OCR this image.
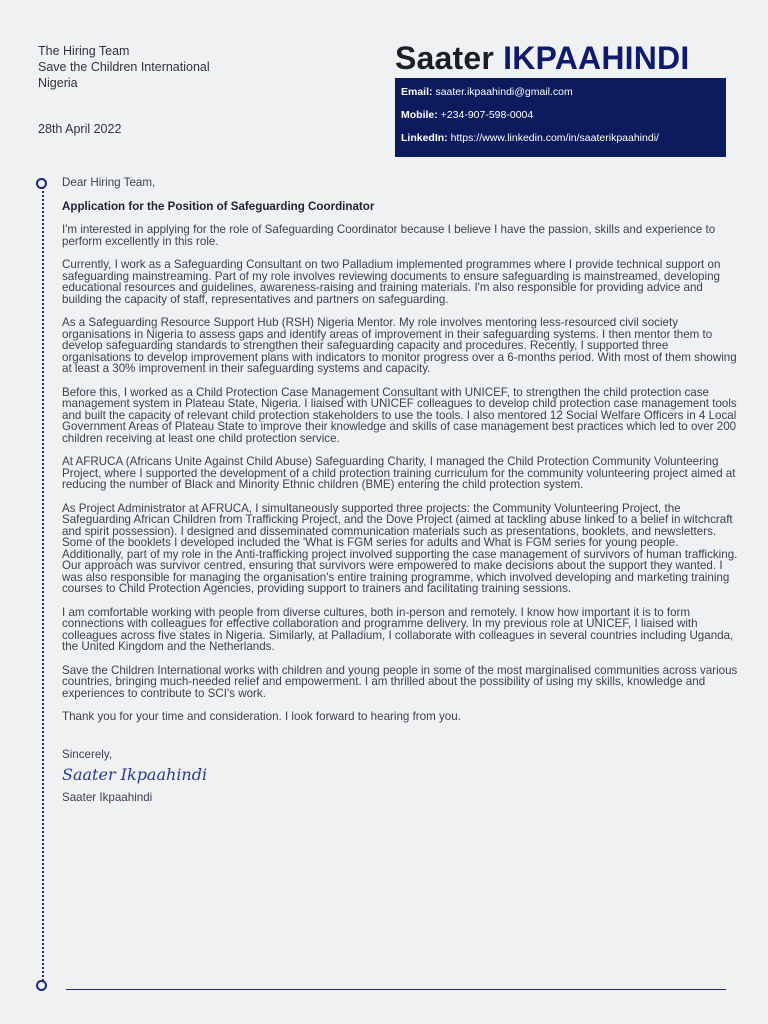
The Hiring Team
Save the Children International
Nigeria
28th April 2022
Saater IKPAAHINDI
Email: saater.ikpaahindi@gmail.com
Mobile: +234-907-598-0004
LinkedIn: https://www.linkedin.com/in/saaterikpaahindi/

Dear Hiring Team,

Application for the Position of Safeguarding Coordinator

I'm interested in applying for the role of Safeguarding Coordinator because I believe I have the passion, skills and experience to perform excellently in this role.

Currently, I work as a Safeguarding Consultant on two Palladium implemented programmes where I provide technical support on safeguarding mainstreaming. Part of my role involves reviewing documents to ensure safeguarding is mainstreamed, developing educational resources and guidelines, awareness-raising and training materials. I'm also responsible for providing advice and building the capacity of staff, representatives and partners on safeguarding.

As a Safeguarding Resource Support Hub (RSH) Nigeria Mentor. My role involves mentoring less-resourced civil society organisations in Nigeria to assess gaps and identify areas of improvement in their safeguarding systems. I then mentor them to develop safeguarding standards to strengthen their safeguarding capacity and procedures. Recently, I supported three organisations to develop improvement plans with indicators to monitor progress over a 6-months period. With most of them showing at least a 30% improvement in their safeguarding systems and capacity.

Before this, I worked as a Child Protection Case Management Consultant with UNICEF, to strengthen the child protection case management system in Plateau State, Nigeria. I liaised with UNICEF colleagues to develop child protection case management tools and built the capacity of relevant child protection stakeholders to use the tools. I also mentored 12 Social Welfare Officers in 4 Local Government Areas of Plateau State to improve their knowledge and skills of case management best practices which led to over 200 children receiving at least one child protection service.

At AFRUCA (Africans Unite Against Child Abuse) Safeguarding Charity, I managed the Child Protection Community Volunteering Project, where I supported the development of a child protection training curriculum for the community volunteering project aimed at reducing the number of Black and Minority Ethnic children (BME) entering the child protection system.

As Project Administrator at AFRUCA, I simultaneously supported three projects: the Community Volunteering Project, the Safeguarding African Children from Trafficking Project, and the Dove Project (aimed at tackling abuse linked to a belief in witchcraft and spirit possession). I designed and disseminated communication materials such as presentations, booklets, and newsletters. Some of the booklets I developed included the 'What is FGM series for adults and What is FGM series for young people. Additionally, part of my role in the Anti-trafficking project involved supporting the case management of survivors of human trafficking. Our approach was survivor centred, ensuring that survivors were empowered to make decisions about the support they wanted. I was also responsible for managing the organisation's entire training programme, which involved developing and marketing training courses to Child Protection Agencies, providing support to trainers and facilitating training sessions.

I am comfortable working with people from diverse cultures, both in-person and remotely. I know how important it is to form connections with colleagues for effective collaboration and programme delivery. In my previous role at UNICEF, I liaised with colleagues across five states in Nigeria. Similarly, at Palladium, I collaborate with colleagues in several countries including Uganda, the United Kingdom and the Netherlands.

Save the Children International works with children and young people in some of the most marginalised communities across various countries, bringing much-needed relief and empowerment. I am thrilled about the possibility of using my skills, knowledge and experiences to contribute to SCI's work.

Thank you for your time and consideration. I look forward to hearing from you.

Sincerely,

Saater Ikpaahindi

Saater Ikpaahindi
